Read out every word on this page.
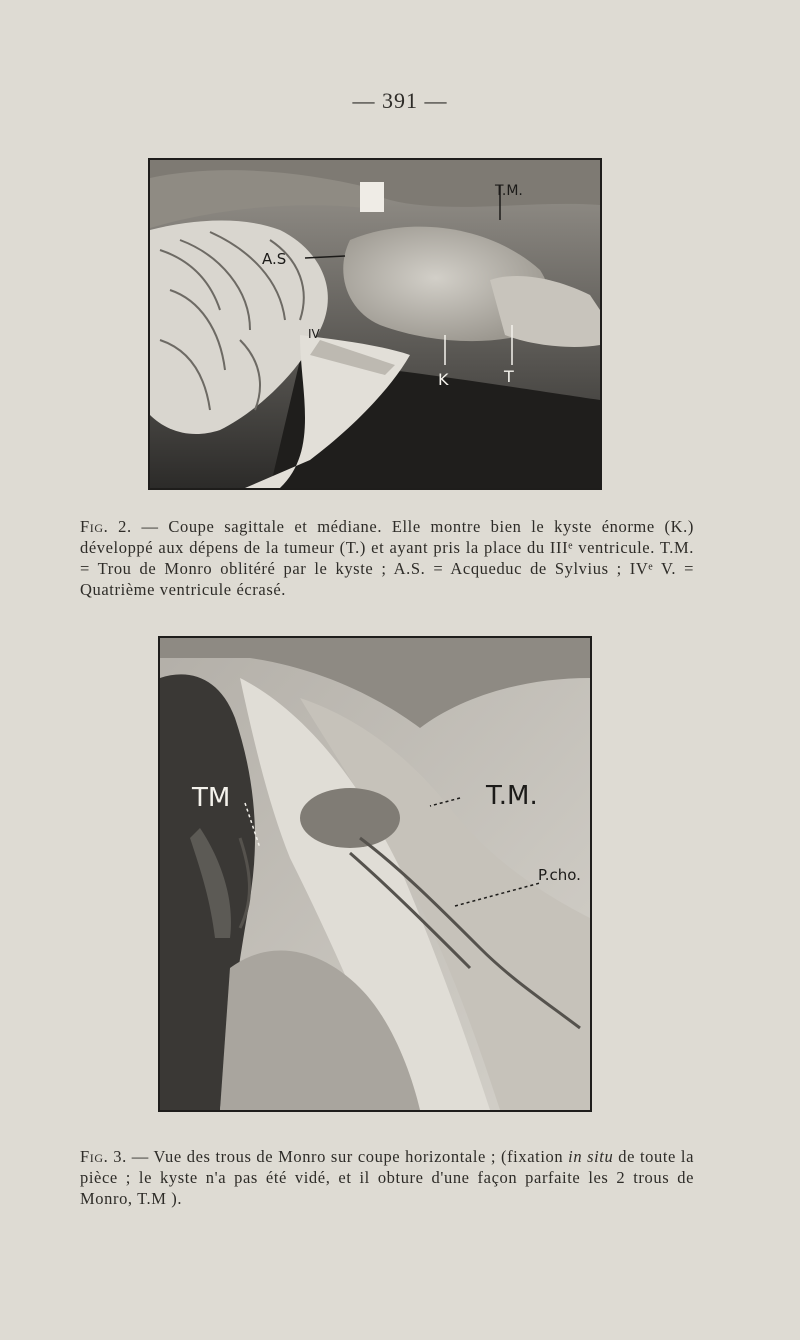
— 391 —
T.M.
A.S
IV
K	T
Fig. 2. — Coupe sagittale et médiane. Elle montre bien le kyste énorme (K.) développé aux dépens de la tumeur (T.) et ayant pris la place du IIIᵉ ventricule. T.M. = Trou de Monro oblitéré par le kyste ; A.S. = Acqueduc de Sylvius ; IVᵉ V. = Quatrième ventricule écrasé.
TM	T.M.
P.cho.
Fig. 3. — Vue des trous de Monro sur coupe horizontale ; (fixation in situ de toute la pièce ; le kyste n'a pas été vidé, et il obture d'une façon parfaite les 2 trous de Monro, T.M ).
